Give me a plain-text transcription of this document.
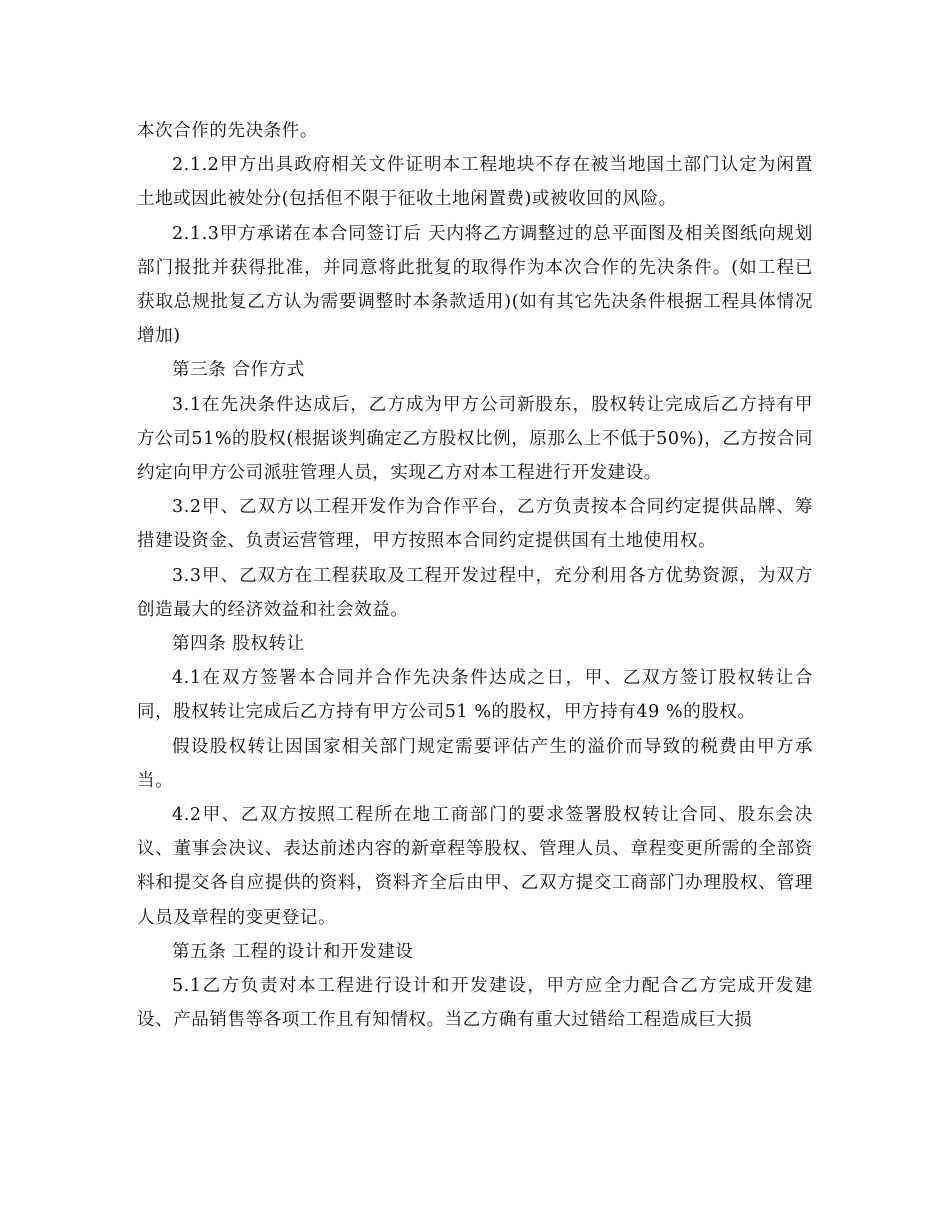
本次合作的先决条件。

2.1.2甲方出具政府相关文件证明本工程地块不存在被当地国土部门认定为闲置土地或因此被处分(包括但不限于征收土地闲置费)或被收回的风险。

2.1.3甲方承诺在本合同签订后 天内将乙方调整过的总平面图及相关图纸向规划部门报批并获得批准，并同意将此批复的取得作为本次合作的先决条件。(如工程已获取总规批复乙方认为需要调整时本条款适用)(如有其它先决条件根据工程具体情况增加)

第三条 合作方式

3.1在先决条件达成后，乙方成为甲方公司新股东，股权转让完成后乙方持有甲方公司51%的股权(根据谈判确定乙方股权比例，原那么上不低于50%)，乙方按合同约定向甲方公司派驻管理人员，实现乙方对本工程进行开发建设。

3.2甲、乙双方以工程开发作为合作平台，乙方负责按本合同约定提供品牌、筹措建设资金、负责运营管理，甲方按照本合同约定提供国有土地使用权。

3.3甲、乙双方在工程获取及工程开发过程中，充分利用各方优势资源，为双方创造最大的经济效益和社会效益。

第四条 股权转让

4.1在双方签署本合同并合作先决条件达成之日，甲、乙双方签订股权转让合同，股权转让完成后乙方持有甲方公司51 %的股权，甲方持有49 %的股权。

假设股权转让因国家相关部门规定需要评估产生的溢价而导致的税费由甲方承当。

4.2甲、乙双方按照工程所在地工商部门的要求签署股权转让合同、股东会决议、董事会决议、表达前述内容的新章程等股权、管理人员、章程变更所需的全部资料和提交各自应提供的资料，资料齐全后由甲、乙双方提交工商部门办理股权、管理人员及章程的变更登记。

第五条 工程的设计和开发建设

5.1乙方负责对本工程进行设计和开发建设，甲方应全力配合乙方完成开发建设、产品销售等各项工作且有知情权。当乙方确有重大过错给工程造成巨大损
